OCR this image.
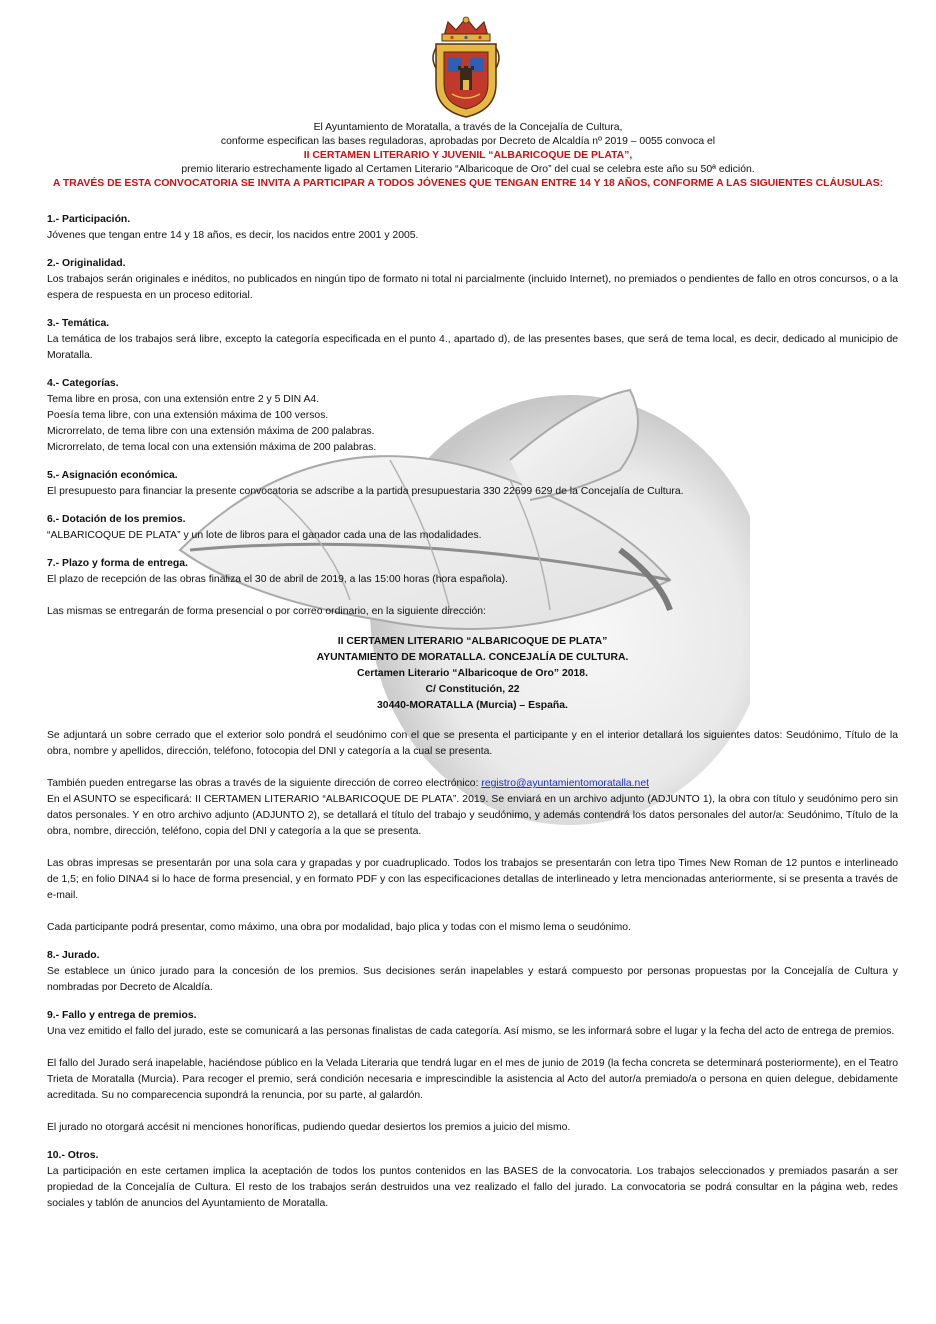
El Ayuntamiento de Moratalla, a través de la Concejalía de Cultura,
conforme especifican las bases reguladoras, aprobadas por Decreto de Alcaldía nº 2019 – 0055 convoca el
II CERTAMEN LITERARIO Y JUVENIL “ALBARICOQUE DE PLATA”,
premio literario estrechamente ligado al Certamen Literario “Albaricoque de Oro” del cual se celebra este año su 50ª edición.
A TRAVÉS DE ESTA CONVOCATORIA SE INVITA A PARTICIPAR A TODOS JÓVENES QUE TENGAN ENTRE 14 Y 18 AÑOS, CONFORME A LAS SIGUIENTES CLÁUSULAS:
1.- Participación.
Jóvenes que tengan entre 14 y 18 años, es decir, los nacidos entre 2001 y 2005.
2.- Originalidad.
Los trabajos serán originales e inéditos, no publicados en ningún tipo de formato ni total ni parcialmente (incluido Internet), no premiados o pendientes de fallo en otros concursos, o a la espera de respuesta en un proceso editorial.
3.- Temática.
La temática de los trabajos será libre, excepto la categoría especificada en el punto 4., apartado d), de las presentes bases, que será de tema local, es decir, dedicado al municipio de Moratalla.
4.- Categorías.
Tema libre en prosa, con una extensión entre 2 y 5 DIN A4.
Poesía tema libre, con una extensión máxima de 100 versos.
Microrrelato, de tema libre con una extensión máxima de 200 palabras.
Microrrelato, de tema local con una extensión máxima de 200 palabras.
5.- Asignación económica.
El presupuesto para financiar la presente convocatoria se adscribe a la partida presupuestaria 330 22699 629 de la Concejalía de Cultura.
6.- Dotación de los premios.
“ALBARICOQUE DE PLATA” y un lote de libros para el ganador cada una de las modalidades.
7.- Plazo y forma de entrega.
El plazo de recepción de las obras finaliza el 30 de abril de 2019, a las 15:00 horas (hora española).
Las mismas se entregarán de forma presencial o por correo ordinario, en la siguiente dirección:
II CERTAMEN LITERARIO “ALBARICOQUE DE PLATA”
AYUNTAMIENTO DE MORATALLA. CONCEJALÍA DE CULTURA.
Certamen Literario “Albaricoque de Oro” 2018.
C/ Constitución, 22
30440-MORATALLA (Murcia) – España.
Se adjuntará un sobre cerrado que el exterior solo pondrá el seudónimo con el que se presenta el participante y en el interior detallará los siguientes datos: Seudónimo, Título de la obra, nombre y apellidos, dirección, teléfono, fotocopia del DNI y categoría a la cual se presenta.
También pueden entregarse las obras a través de la siguiente dirección de correo electrónico: registro@ayuntamientomoratalla.net
En el ASUNTO se especificará: II CERTAMEN LITERARIO “ALBARICOQUE DE PLATA”. 2019. Se enviará en un archivo adjunto (ADJUNTO 1), la obra con título y seudónimo pero sin datos personales. Y en otro archivo adjunto (ADJUNTO 2), se detallará el título del trabajo y seudónimo, y además contendrá los datos personales del autor/a: Seudónimo, Título de la obra, nombre, dirección, teléfono, copia del DNI y categoría a la que se presenta.
Las obras impresas se presentarán por una sola cara y grapadas y por cuadruplicado. Todos los trabajos se presentarán con letra tipo Times New Roman de 12 puntos e interlineado de 1,5; en folio DINA4 si lo hace de forma presencial, y en formato PDF y con las especificaciones detallas de interlineado y letra mencionadas anteriormente, si se presenta a través de e-mail.
Cada participante podrá presentar, como máximo, una obra por modalidad, bajo plica y todas con el mismo lema o seudónimo.
8.- Jurado.
Se establece un único jurado para la concesión de los premios. Sus decisiones serán inapelables y estará compuesto por personas propuestas por la Concejalía de Cultura y nombradas por Decreto de Alcaldía.
9.- Fallo y entrega de premios.
Una vez emitido el fallo del jurado, este se comunicará a las personas finalistas de cada categoría. Así mismo, se les informará sobre el lugar y la fecha del acto de entrega de premios.
El fallo del Jurado será inapelable, haciéndose público en la Velada Literaria que tendrá lugar en el mes de junio de 2019 (la fecha concreta se determinará posteriormente), en el Teatro Trieta de Moratalla (Murcia). Para recoger el premio, será condición necesaria e imprescindible la asistencia al Acto del autor/a premiado/a o persona en quien delegue, debidamente acreditada. Su no comparecencia supondrá la renuncia, por su parte, al galardón.
El jurado no otorgará accésit ni menciones honoríficas, pudiendo quedar desiertos los premios a juicio del mismo.
10.- Otros.
La participación en este certamen implica la aceptación de todos los puntos contenidos en las BASES de la convocatoria. Los trabajos seleccionados y premiados pasarán a ser propiedad de la Concejalía de Cultura. El resto de los trabajos serán destruidos una vez realizado el fallo del jurado. La convocatoria se podrá consultar en la página web, redes sociales y tablón de anuncios del Ayuntamiento de Moratalla.
